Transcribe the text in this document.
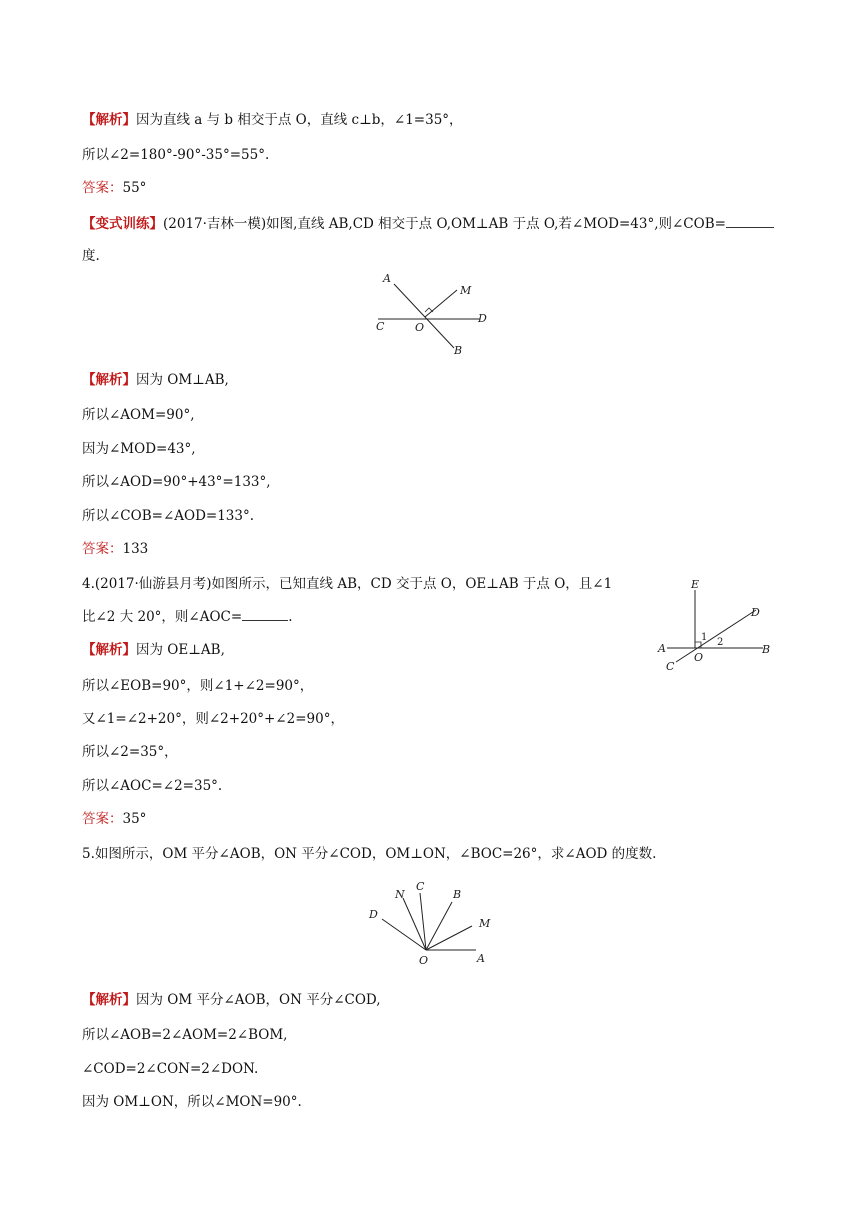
【解析】因为直线 a 与 b 相交于点 O，直线 c⊥b，∠1=35°，
所以∠2=180°-90°-35°=55°.
答案：55°
【变式训练】(2017·吉林一模)如图,直线 AB,CD 相交于点 O,OM⊥AB 于点 O,若∠MOD=43°,则∠COB=
度.
A
M
C	O
D
B
【解析】因为 OM⊥AB,
所以∠AOM=90°,
因为∠MOD=43°,
所以∠AOD=90°+43°=133°,
所以∠COB=∠AOD=133°.
答案：133
4.(2017·仙游县月考)如图所示，已知直线 AB，CD 交于点 O，OE⊥AB 于点 O，且∠1
比∠2 大 20°，则∠AOC=	.
E
D
A
O
B
C
1 2
【解析】因为 OE⊥AB,
所以∠EOB=90°，则∠1+∠2=90°，
又∠1=∠2+20°，则∠2+20°+∠2=90°，
所以∠2=35°，
所以∠AOC=∠2=35°.
答案：35°
5.如图所示，OM 平分∠AOB，ON 平分∠COD，OM⊥ON，∠BOC=26°，求∠AOD 的度数.
N
C
B
D
M
O	A
【解析】因为 OM 平分∠AOB，ON 平分∠COD,
所以∠AOB=2∠AOM=2∠BOM,
∠COD=2∠CON=2∠DON.
因为 OM⊥ON，所以∠MON=90°.
